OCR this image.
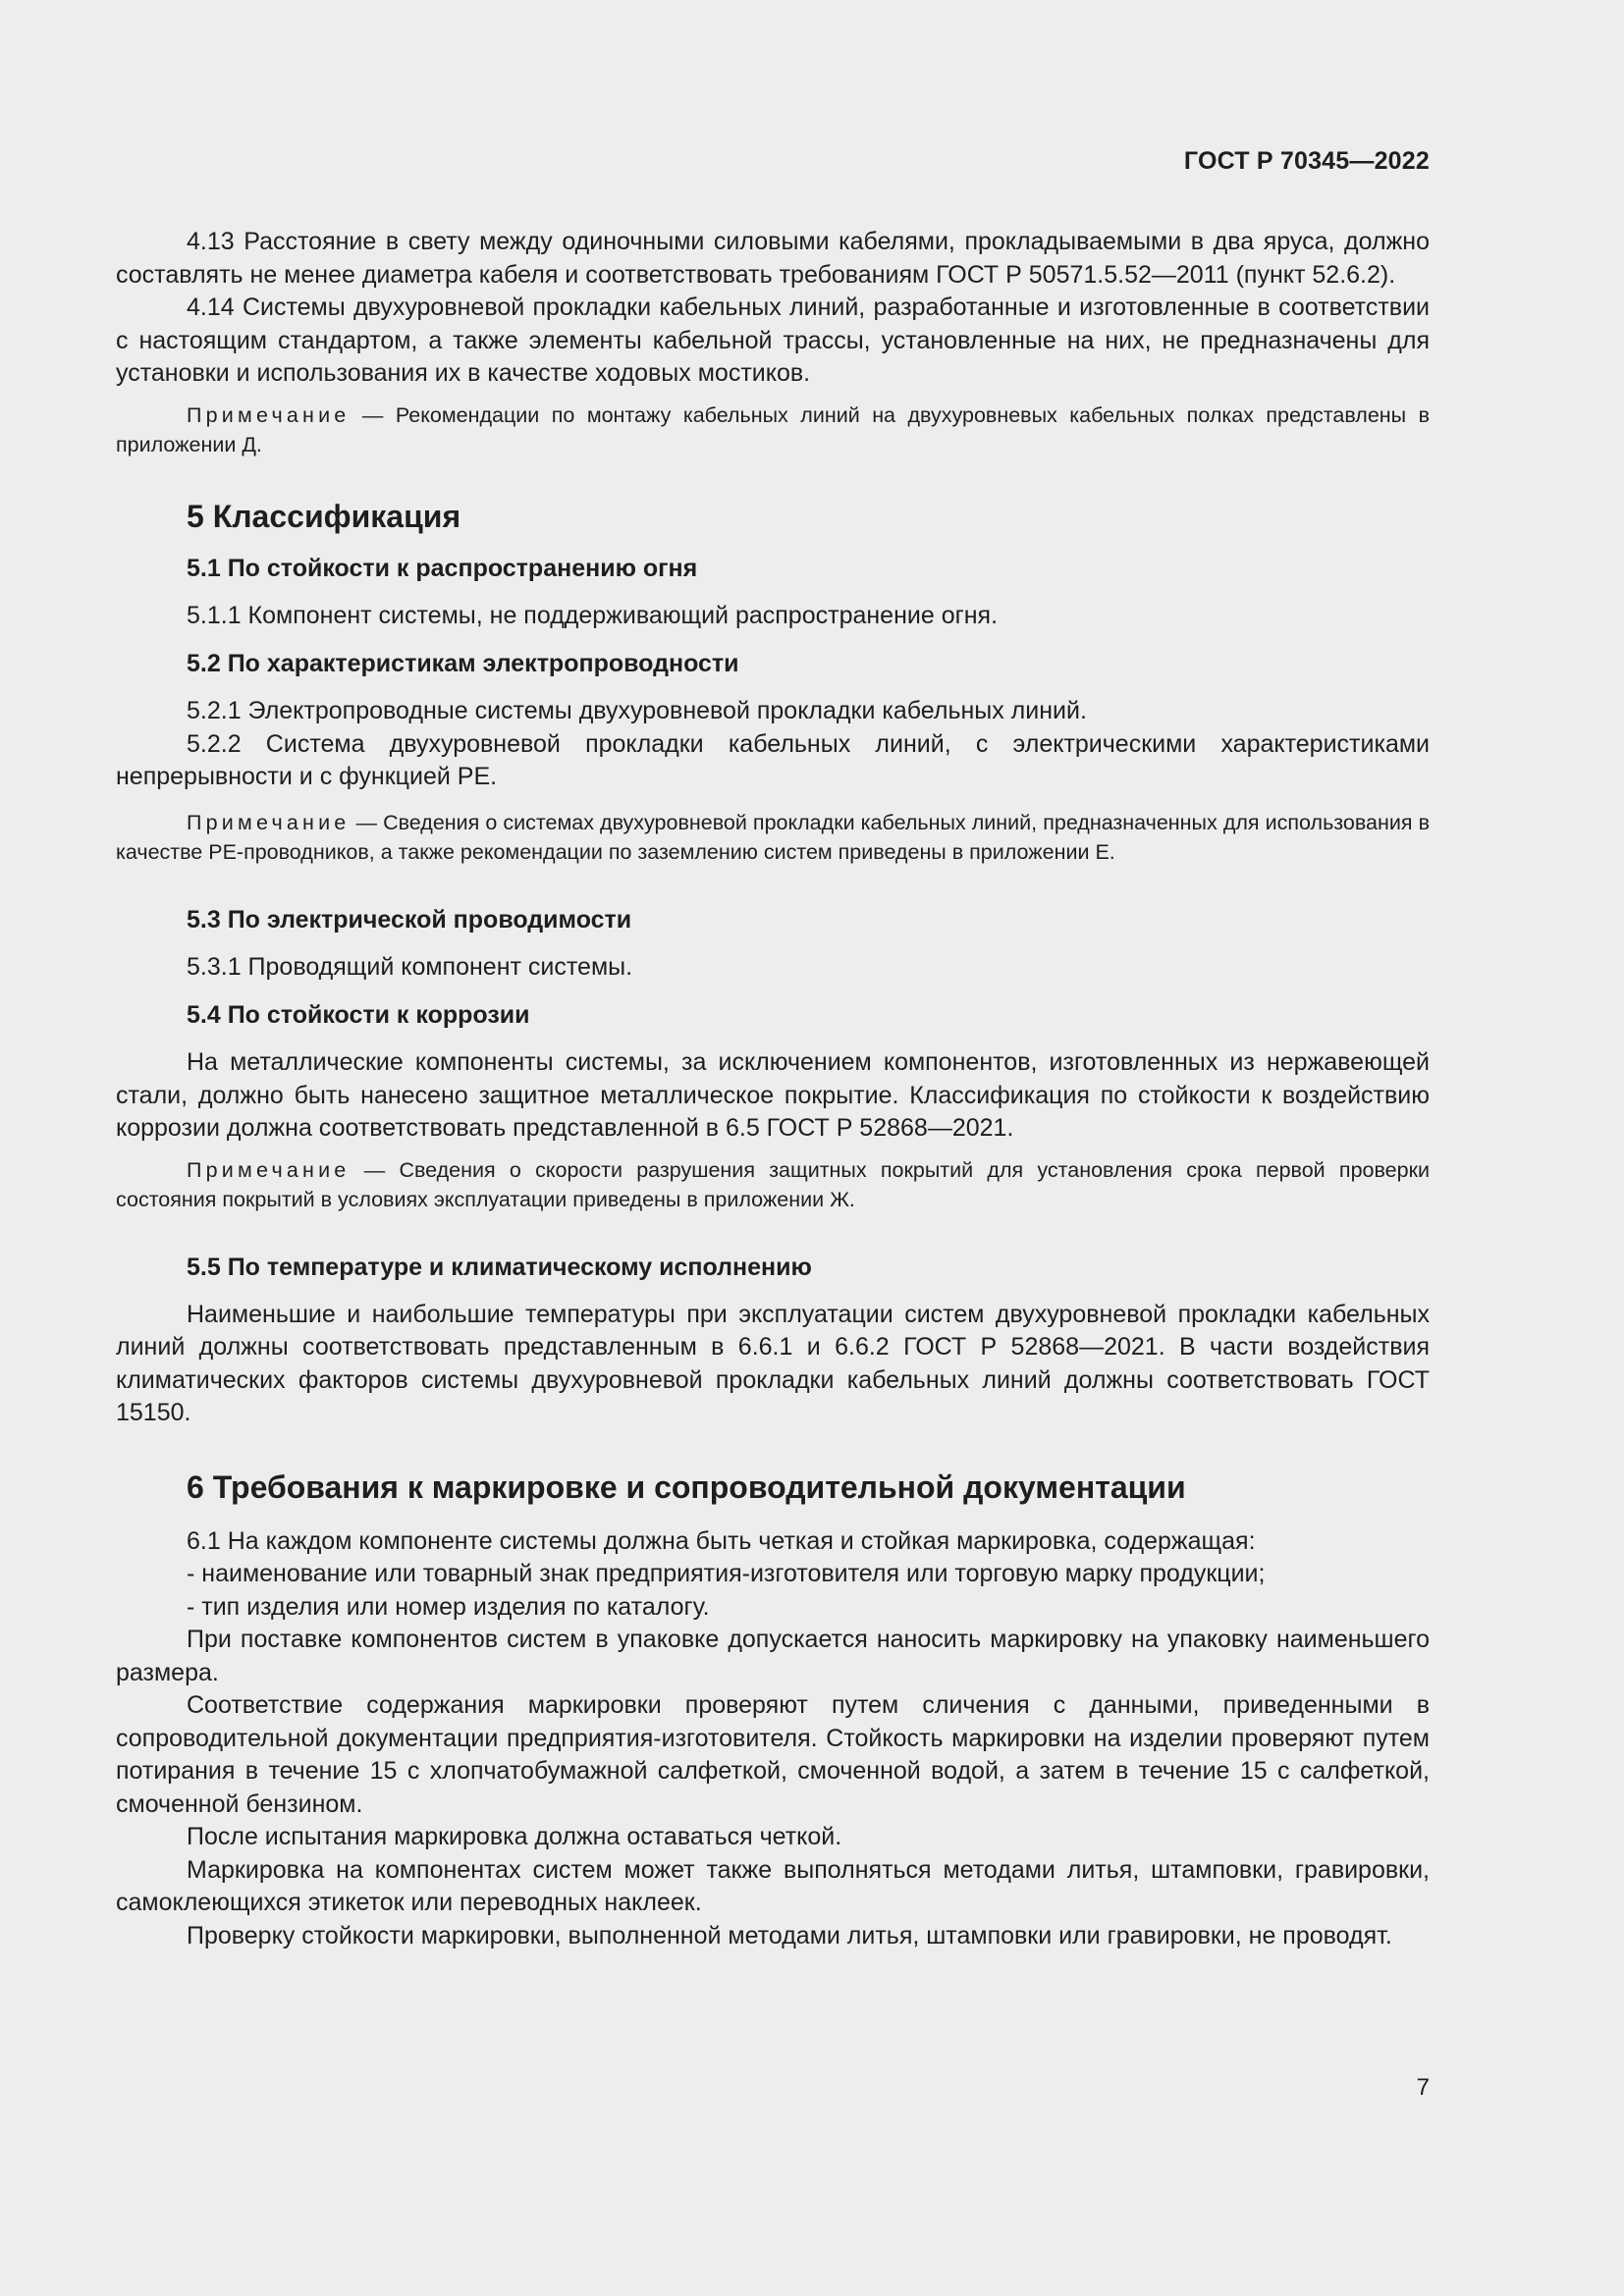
ГОСТ Р 70345—2022

4.13 Расстояние в свету между одиночными силовыми кабелями, прокладываемыми в два яруса, должно составлять не менее диаметра кабеля и соответствовать требованиям ГОСТ Р 50571.5.52—2011 (пункт 52.6.2).

4.14 Системы двухуровневой прокладки кабельных линий, разработанные и изготовленные в соответствии с настоящим стандартом, а также элементы кабельной трассы, установленные на них, не предназначены для установки и использования их в качестве ходовых мостиков.

Примечание — Рекомендации по монтажу кабельных линий на двухуровневых кабельных полках представлены в приложении Д.

5 Классификация
5.1 По стойкости к распространению огня

5.1.1 Компонент системы, не поддерживающий распространение огня.

5.2 По характеристикам электропроводности

5.2.1 Электропроводные системы двухуровневой прокладки кабельных линий.

5.2.2 Система двухуровневой прокладки кабельных линий, с электрическими характеристиками непрерывности и с функцией РЕ.

Примечание — Сведения о системах двухуровневой прокладки кабельных линий, предназначенных для использования в качестве РЕ-проводников, а также рекомендации по заземлению систем приведены в приложении Е.

5.3 По электрической проводимости

5.3.1 Проводящий компонент системы.

5.4 По стойкости к коррозии

На металлические компоненты системы, за исключением компонентов, изготовленных из нержавеющей стали, должно быть нанесено защитное металлическое покрытие. Классификация по стойкости к воздействию коррозии должна соответствовать представленной в 6.5 ГОСТ Р 52868—2021.

Примечание — Сведения о скорости разрушения защитных покрытий для установления срока первой проверки состояния покрытий в условиях эксплуатации приведены в приложении Ж.

5.5 По температуре и климатическому исполнению

Наименьшие и наибольшие температуры при эксплуатации систем двухуровневой прокладки кабельных линий должны соответствовать представленным в 6.6.1 и 6.6.2 ГОСТ Р 52868—2021. В части воздействия климатических факторов системы двухуровневой прокладки кабельных линий должны соответствовать ГОСТ 15150.

6 Требования к маркировке и сопроводительной документации

6.1 На каждом компоненте системы должна быть четкая и стойкая маркировка, содержащая:

- наименование или товарный знак предприятия-изготовителя или торговую марку продукции;

- тип изделия или номер изделия по каталогу.

При поставке компонентов систем в упаковке допускается наносить маркировку на упаковку наименьшего размера.

Соответствие содержания маркировки проверяют путем сличения с данными, приведенными в сопроводительной документации предприятия-изготовителя. Стойкость маркировки на изделии проверяют путем потирания в течение 15 с хлопчатобумажной салфеткой, смоченной водой, а затем в течение 15 с салфеткой, смоченной бензином.

После испытания маркировка должна оставаться четкой.

Маркировка на компонентах систем может также выполняться методами литья, штамповки, гравировки, самоклеющихся этикеток или переводных наклеек.

Проверку стойкости маркировки, выполненной методами литья, штамповки или гравировки, не проводят.

7
